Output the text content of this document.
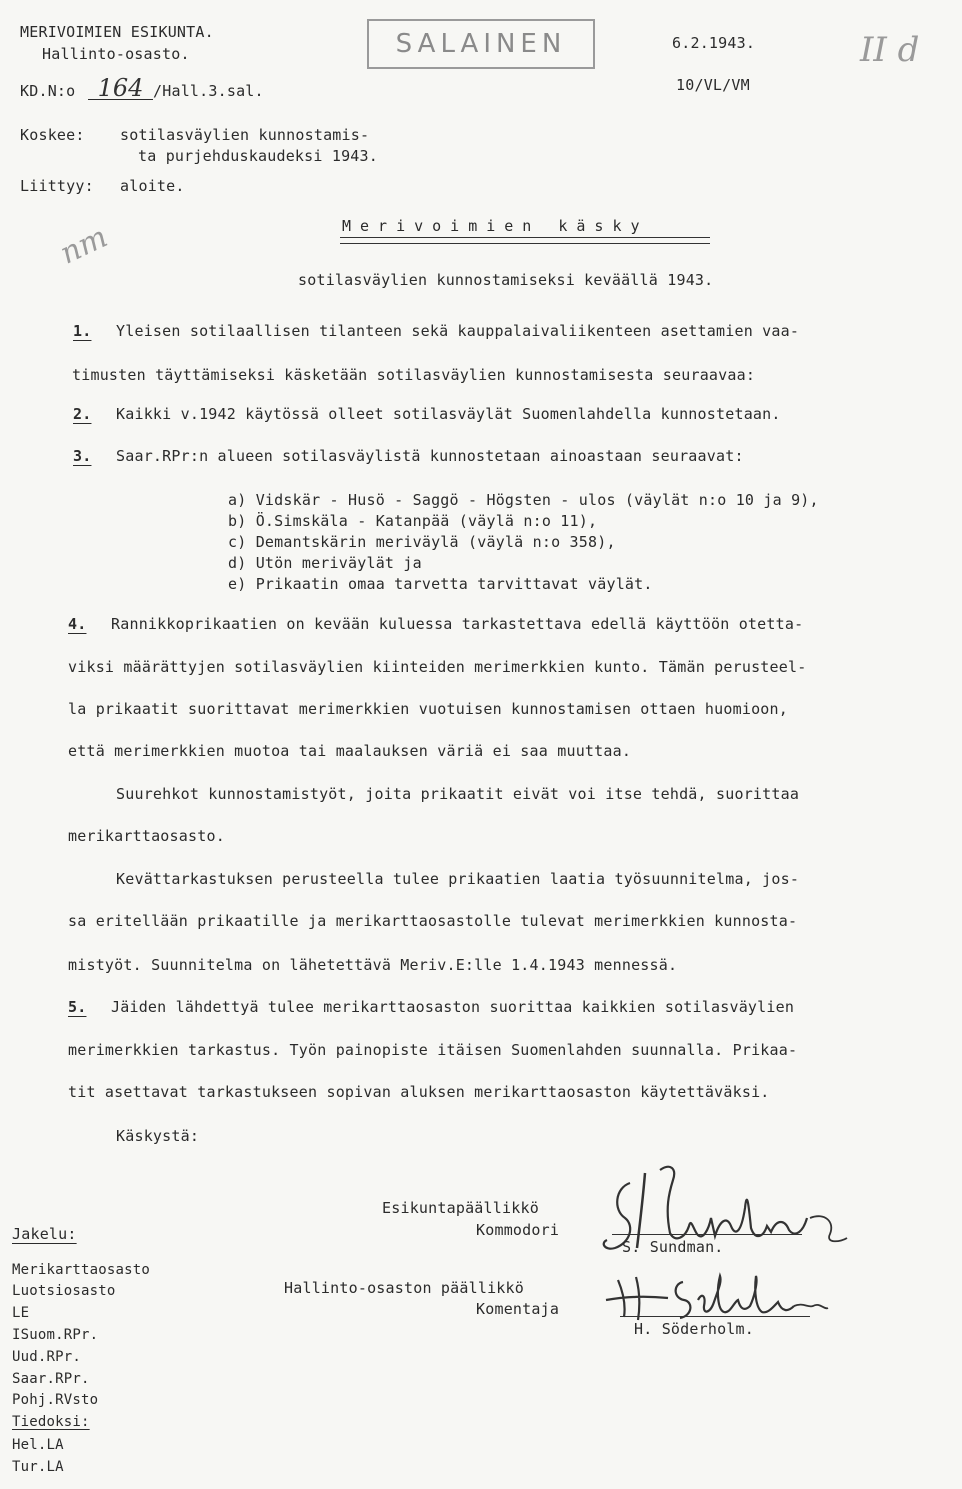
MERIVOIMIEN ESIKUNTA.
Hallinto-osasto.	SALAINEN	6.2.1943.
10/VL/VM
II d
KD.N:o 164 /Hall.3.sal.
Koskee: sotilasväylien kunnostamis-
ta purjehduskaudeksi 1943.
Liittyy: aloite.
nm	Merivoimien käsky
sotilasväylien kunnostamiseksi keväällä 1943.
1. Yleisen sotilaallisen tilanteen sekä kauppalaivaliikenteen asettamien vaa-
timusten täyttämiseksi käsketään sotilasväylien kunnostamisesta seuraavaa:
2. Kaikki v.1942 käytössä olleet sotilasväylät Suomenlahdella kunnostetaan.
3. Saar.RPr:n alueen sotilasväylistä kunnostetaan ainoastaan seuraavat:
a) Vidskär - Husö - Saggö - Högsten - ulos (väylät n:o 10 ja 9),
b) Ö.Simskäla - Katanpää (väylä n:o 11),
c) Demantskärin meriväylä (väylä n:o 358),
d) Utön meriväylät ja
e) Prikaatin omaa tarvetta tarvittavat väylät.
4. Rannikkoprikaatien on kevään kuluessa tarkastettava edellä käyttöön otetta-
viksi määrättyjen sotilasväylien kiinteiden merimerkkien kunto. Tämän perusteel-
la prikaatit suorittavat merimerkkien vuotuisen kunnostamisen ottaen huomioon,
että merimerkkien muotoa tai maalauksen väriä ei saa muuttaa.
Suurehkot kunnostamistyöt, joita prikaatit eivät voi itse tehdä, suorittaa
merikarttaosasto.
Kevättarkastuksen perusteella tulee prikaatien laatia työsuunnitelma, jos-
sa eritellään prikaatille ja merikarttaosastolle tulevat merimerkkien kunnosta-
mistyöt. Suunnitelma on lähetettävä Meriv.E:lle 1.4.1943 mennessä.
5. Jäiden lähdettyä tulee merikarttaosaston suorittaa kaikkien sotilasväylien
merimerkkien tarkastus. Työn painopiste itäisen Suomenlahden suunnalla. Prikaa-
tit asettavat tarkastukseen sopivan aluksen merikarttaosaston käytettäväksi.
Käskystä:
Esikuntapäällikkö
Kommodori
S. Sundman.
Hallinto-osaston päällikkö
Komentaja
H. Söderholm.
Jakelu:
Merikarttaosasto
Luotsiosasto
LE
ISuom.RPr.
Uud.RPr.
Saar.RPr.
Pohj.RVsto
Tiedoksi:
Hel.LA
Tur.LA
